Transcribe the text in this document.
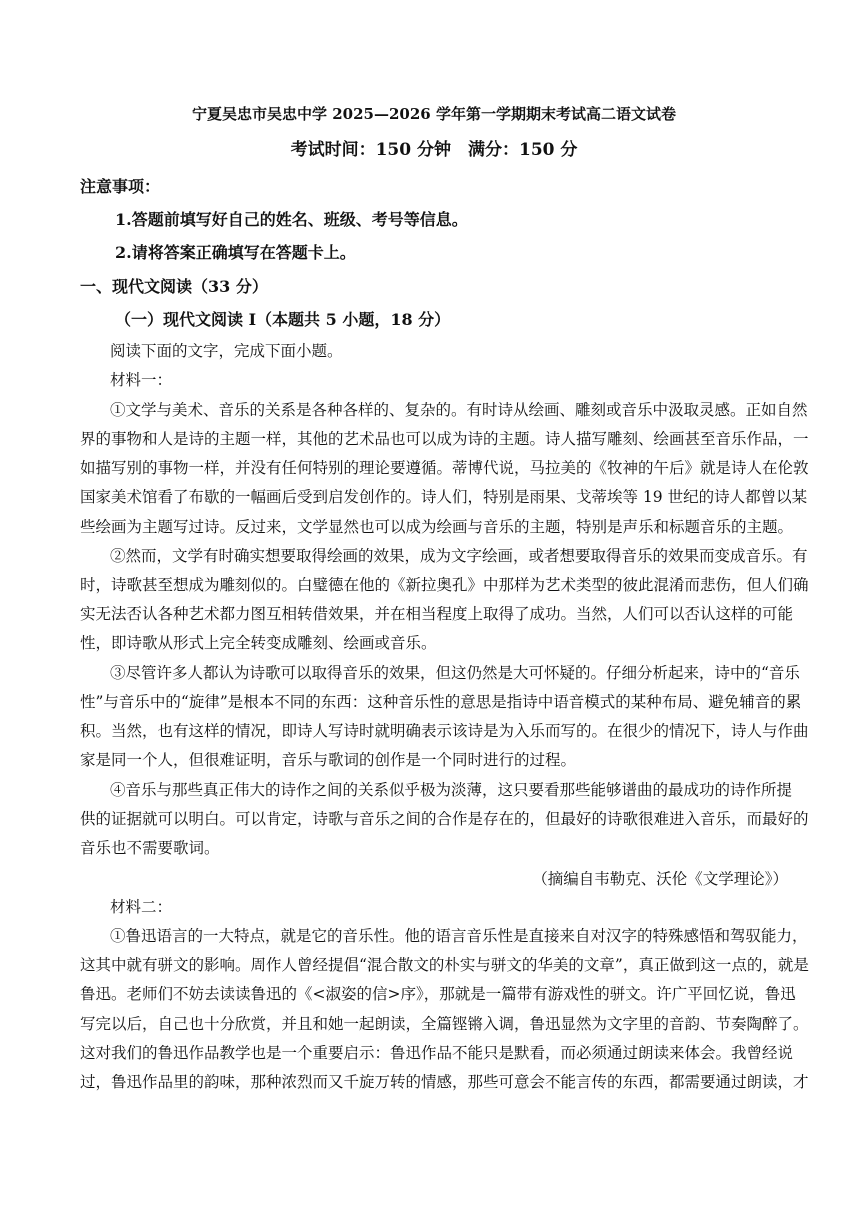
宁夏吴忠市吴忠中学 2025—2026 学年第一学期期末考试高二语文试卷
考试时间：150 分钟　满分：150 分
注意事项：
1.答题前填写好自己的姓名、班级、考号等信息。
2.请将答案正确填写在答题卡上。
一、现代文阅读（33 分）
（一）现代文阅读 I（本题共 5 小题，18 分）
阅读下面的文字，完成下面小题。
材料一：
①文学与美术、音乐的关系是各种各样的、复杂的。有时诗从绘画、雕刻或音乐中汲取灵感。正如自然
界的事物和人是诗的主题一样，其他的艺术品也可以成为诗的主题。诗人描写雕刻、绘画甚至音乐作品，一
如描写别的事物一样，并没有任何特别的理论要遵循。蒂博代说，马拉美的《牧神的午后》就是诗人在伦敦
国家美术馆看了布歇的一幅画后受到启发创作的。诗人们，特别是雨果、戈蒂埃等 19 世纪的诗人都曾以某
些绘画为主题写过诗。反过来，文学显然也可以成为绘画与音乐的主题，特别是声乐和标题音乐的主题。
②然而，文学有时确实想要取得绘画的效果，成为文字绘画，或者想要取得音乐的效果而变成音乐。有
时，诗歌甚至想成为雕刻似的。白璧德在他的《新拉奥孔》中那样为艺术类型的彼此混淆而悲伤，但人们确
实无法否认各种艺术都力图互相转借效果，并在相当程度上取得了成功。当然，人们可以否认这样的可能
性，即诗歌从形式上完全转变成雕刻、绘画或音乐。
③尽管许多人都认为诗歌可以取得音乐的效果，但这仍然是大可怀疑的。仔细分析起来，诗中的“音乐
性”与音乐中的“旋律”是根本不同的东西：这种音乐性的意思是指诗中语音模式的某种布局、避免辅音的累
积。当然，也有这样的情况，即诗人写诗时就明确表示该诗是为入乐而写的。在很少的情况下，诗人与作曲
家是同一个人，但很难证明，音乐与歌词的创作是一个同时进行的过程。
④音乐与那些真正伟大的诗作之间的关系似乎极为淡薄，这只要看那些能够谱曲的最成功的诗作所提
供的证据就可以明白。可以肯定，诗歌与音乐之间的合作是存在的，但最好的诗歌很难进入音乐，而最好的
音乐也不需要歌词。
（摘编自韦勒克、沃伦《文学理论》）
材料二：
①鲁迅语言的一大特点，就是它的音乐性。他的语言音乐性是直接来自对汉字的特殊感悟和驾驭能力，
这其中就有骈文的影响。周作人曾经提倡“混合散文的朴实与骈文的华美的文章”，真正做到这一点的，就是
鲁迅。老师们不妨去读读鲁迅的《<淑姿的信>序》，那就是一篇带有游戏性的骈文。许广平回忆说，鲁迅
写完以后，自己也十分欣赏，并且和她一起朗读，全篇铿锵入调，鲁迅显然为文字里的音韵、节奏陶醉了。
这对我们的鲁迅作品教学也是一个重要启示：鲁迅作品不能只是默看，而必须通过朗读来体会。我曾经说
过，鲁迅作品里的韵味，那种浓烈而又千旋万转的情感，那些可意会不能言传的东西，都需要通过朗读，才
